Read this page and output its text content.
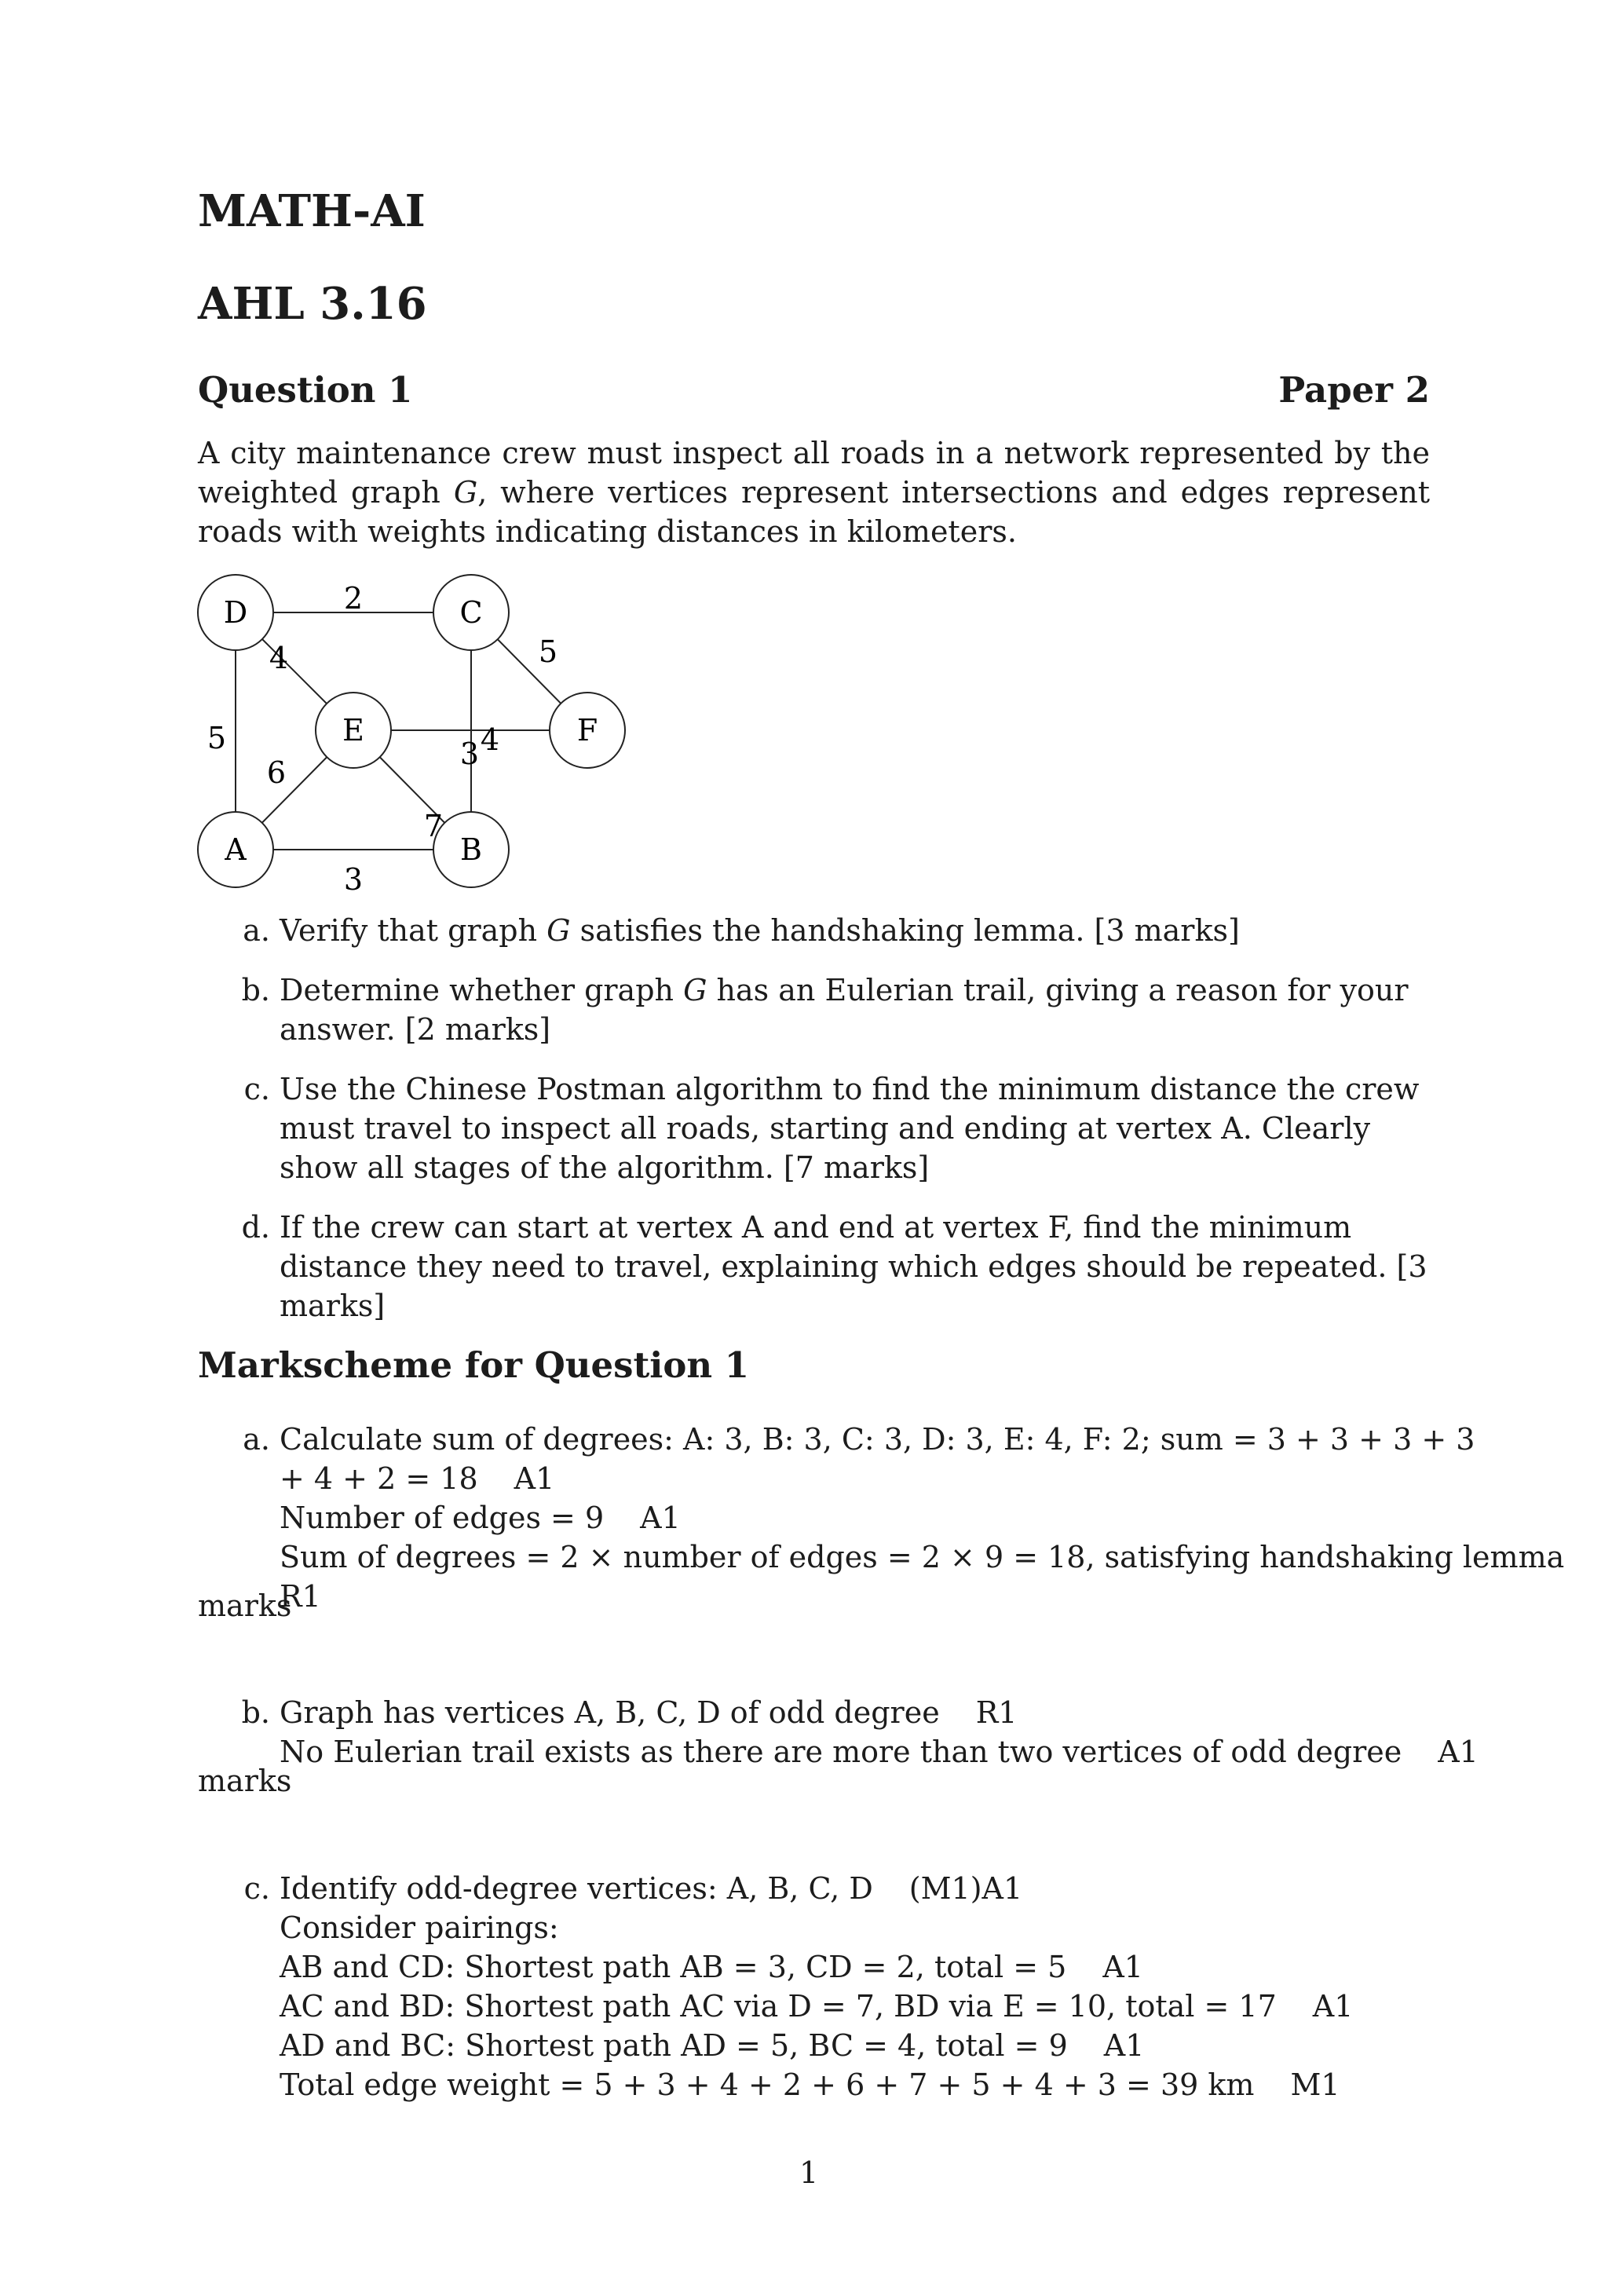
MATH-AI
AHL 3.16
Question 1	Paper 2
A city maintenance crew must inspect all roads in a network represented by the weighted graph G, where vertices represent intersections and edges represent roads with weights indicating distances in kilometers.
D	C
E	F
A	B
2
5
4
5	4
3
6
7
3
a. Verify that graph G satisfies the handshaking lemma. [3 marks]
b. Determine whether graph G has an Eulerian trail, giving a reason for your answer. [2 marks]
c. Use the Chinese Postman algorithm to find the minimum distance the crew must travel to inspect all roads, starting and ending at vertex A. Clearly show all stages of the algorithm. [7 marks]
d. If the crew can start at vertex A and end at vertex F, find the minimum distance they need to travel, explaining which edges should be repeated. [3 marks]
Markscheme for Question 1
a. Calculate sum of degrees: A: 3, B: 3, C: 3, D: 3, E: 4, F: 2; sum = 3 + 3 + 3 + 3
+ 4 + 2 = 18 A1
Number of edges = 9 A1
Sum of degrees = 2 × number of edges = 2 × 9 = 18, satisfying handshaking lemma
R1
marks
b. Graph has vertices A, B, C, D of odd degree R1
No Eulerian trail exists as there are more than two vertices of odd degree A1
marks
c. Identify odd-degree vertices: A, B, C, D (M1)A1
Consider pairings:
AB and CD: Shortest path AB = 3, CD = 2, total = 5 A1
AC and BD: Shortest path AC via D = 7, BD via E = 10, total = 17 A1
AD and BC: Shortest path AD = 5, BC = 4, total = 9 A1
Total edge weight = 5 + 3 + 4 + 2 + 6 + 7 + 5 + 4 + 3 = 39 km M1
1
